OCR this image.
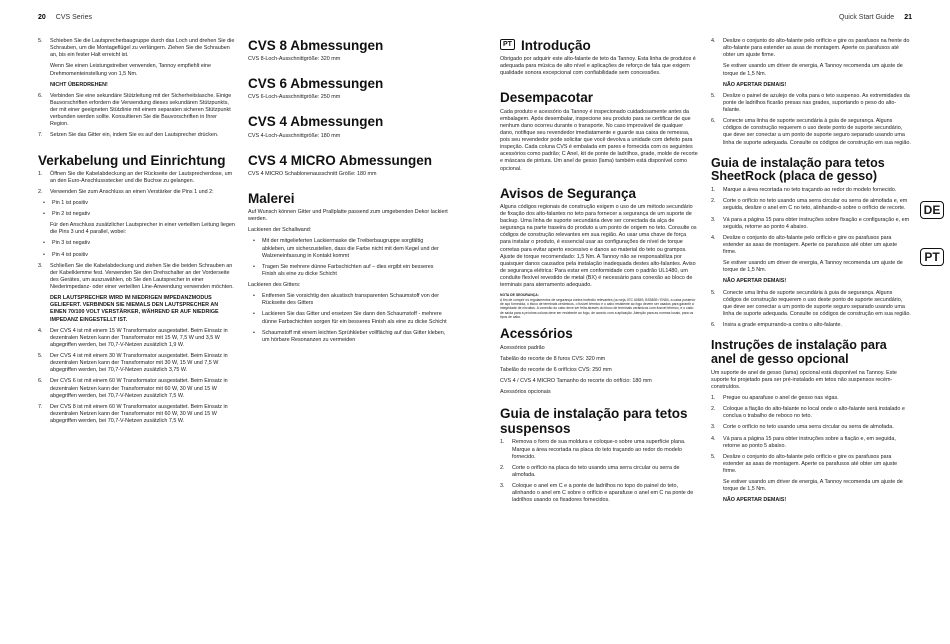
20 CVS Series	Quick Start Guide 21
DE
PT
5. Schieben Sie die Lautsprecherbaugruppe durch das Loch und drehen Sie die Schrauben, um die Montageflügel zu verlängern. Ziehen Sie die Schrauben an, bis ein fester Halt erreicht ist.

Wenn Sie einen Leistungstreiber verwenden, Tannoy empfiehlt eine Drehmomenteinstellung von 1,5 Nm.

NICHT ÜBERDREHEN!

6. Verbinden Sie eine sekundäre Stützleitung mit der Sicherheitslasche. Einige Bauvorschriften erfordern die Verwendung dieses sekundären Stützpunkts, der mit einer geeigneten Stützlinie mit einem separaten sicheren Stützpunkt verbunden werden sollte. Konsultieren Sie die Bauvorschriften in Ihrer Region.
7. Setzen Sie das Gitter ein, indem Sie es auf den Lautsprecher drücken.
Verkabelung und Einrichtung
1. Öffnen Sie die Kabelabdeckung an der Rückseite der Lautsprecherdose, um an den Euro-Anschlussstecker und die Buchse zu gelangen.
2. Verwenden Sie zum Anschluss an einen Verstärker die Pins 1 und 2:
• Pin 1 ist positiv
• Pin 2 ist negativ

Für den Anschluss zusätzlicher Lautsprecher in einer verteilten Leitung liegen die Pins 3 und 4 parallel, wobei:

• Pin 3 ist negativ
• Pin 4 ist positiv
3. Schließen Sie die Kabelabdeckung und ziehen Sie die beiden Schrauben an der Kabelklemme fest. Verwenden Sie den Drehschalter an der Vorderseite des Gerätes, um auszuwählen, ob Sie den Lautsprecher in einer Niederimpedanz- oder einer verteilten Line-Anwendung verwenden möchten.

DER LAUTSPRECHER WIRD IM NIEDRIGEN IMPEDANZMODUS GELIEFERT. VERBINDEN SIE NIEMALS DEN LAUTSPRECHER AN EINEN 70/100 VOLT VERSTÄRKER, WÄHREND ER AUF NIEDRIGE IMPEDANZ EINGESTELLT IST.

4. Der CVS 4 ist mit einem 15 W Transformator ausgestattet. Beim Einsatz in dezentralen Netzen kann der Transformator mit 15 W, 7,5 W und 3,5 W abgegriffen werden, bei 70,7-V-Netzen zusätzlich 1,9 W.
5. Der CVS 4 ist mit einem 30 W Transformator ausgestattet. Beim Einsatz in dezentralen Netzen kann der Transformator mit 30 W, 15 W und 7,5 W abgegriffen werden, bei 70,7-V-Netzen zusätzlich 3,75 W.
6. Der CVS 6 ist mit einem 60 W Transformator ausgestattet. Beim Einsatz in dezentralen Netzen kann der Transformator mit 60 W, 30 W und 15 W abgegriffen werden, bei 70,7-V-Netzen zusätzlich 7,5 W.
7. Der CVS 8 ist mit einem 60 W Transformator ausgestattet. Beim Einsatz in dezentralen Netzen kann der Transformator mit 60 W, 30 W und 15 W abgegriffen werden, bei 70,7-V-Netzen zusätzlich 7,5 W.
CVS 8 Abmessungen

CVS 8-Loch-Ausschnittgröße: 320 mm

CVS 6 Abmessungen

CVS 6-Loch-Ausschnittgröße: 250 mm

CVS 4 Abmessungen

CVS 4-Loch-Ausschnittgröße: 180 mm

CVS 4 MICRO Abmessungen

CVS 4 MICRO Schablonenausschnitt Größe: 180 mm

Malerei

Auf Wunsch können Gitter und Prallplatte passend zum umgebenden Dekor lackiert werden.

Lackieren der Schallwand:

• Mit der mitgelieferten Lackiermaske die Treiberbaugruppe sorgfältig abkleben, um sicherzustellen, dass die Farbe nicht mit dem Kegel und der Walzeneinfassung in Kontakt kommt
• Tragen Sie mehrere dünne Farbschichten auf – dies ergibt ein besseres Finish als eine zu dicke Schicht

Lackieren des Gitters:

• Entfernen Sie vorsichtig den akustisch transparenten Schaumstoff von der Rückseite des Gitters
• Lackieren Sie das Gitter und ersetzen Sie dann den Schaumstoff - mehrere dünne Farbschichten sorgen für ein besseres Finish als eine zu dicke Schicht
• Schaumstoff mit einem leichten Sprühkleber vollflächig auf das Gitter kleben, um hörbare Resonanzen zu vermeiden
PT Introdução

Obrigado por adquirir este alto-falante de teto da Tannoy. Esta linha de produtos é adequada para música de alto nível e aplicações de reforço de fala que exigem qualidade sonora excepcional com confiabilidade sem concessões.

Desempacotar

Cada produto e acessório da Tannoy é inspecionado cuidadosamente antes da embalagem. Após desembalar, inspecione seu produto para se certificar de que nenhum dano ocorreu durante o transporte. No caso improvável de qualquer dano, notifique seu revendedor imediatamente e guarde sua caixa de remessa, pois seu revendedor pode solicitar que você devolva a unidade com defeito para inspeção. Cada coluna CVS é embalada em pares e fornecida com os seguintes acessórios como padrão; C Anel, kit de ponte de ladrilhos, grade, molde de recorte e máscara de pintura. Um anel de gesso (lama) também está disponível como opcional.

Avisos de Segurança

Alguns códigos regionais de construção exigem o uso de um método secundário de fixação dos alto-falantes no teto para fornecer a segurança de um suporte de backup. Uma linha de suporte secundária deve ser conectada da alça de segurança na parte traseira do produto a um ponto de origem no teto. Consulte os códigos de construção relevantes em sua região. Ao usar uma chave de força para instalar o produto, é essencial usar as configurações de nível de torque corretas para evitar aperto excessivo e danos ao material do teto ou grampos. Ajuste de torque recomendado: 1,5 Nm. A Tannoy não se responsabiliza por quaisquer danos causados pela instalação inadequada destes alto-falantes. Aviso de segurança elétrica: Para estar em conformidade com o padrão UL1480, um conduíte flexível revestido de metal (BX) é necessário para conexão ao bloco de terminais para aterramento adequado.

NOTA DE SEGURANÇA:
A fim de cumprir os regulamentos de segurança contra incêndio relevantes (ou seja, IEC 60849, BS5839 / EN54, a caixa posterior de aço fornecida, o bloco de terminais cerâmicos, o fusível térmico e o cabo resistente ao fogo devem ser usados para garantir a integridade de circuitos. A conexão do cabo deve ser feita através do bloco de terminais cerâmicos com fusível térmico, e o cabo de saída para a próxima coluna deve ser resistente ao fogo, de acordo com a aplicação. Atenção para as normas locais, para os tipos de cabo.

Acessórios

Acessórios padrão

Tabelão do recorte de 8 furos CVS: 320 mm

Tabelão do recorte de 6 orifícios CVS: 250 mm

CVS 4 / CVS 4 MICRO Tamanho do recorte do orifício: 180 mm

Acessórios opcionais

Guia de instalação para tetos suspensos
1. Remova o forro de sua moldura e coloque-o sobre uma superfície plana. Marque a área recortada na placa do teto traçando ao redor do modelo fornecido.
2. Corte o orifício na placa do teto usando uma serra circular ou serra de almofada.
3. Coloque o anel em C e a ponte de ladrilhos no topo do painel do teto, alinhando o anel em C sobre o orifício e aparafuse o anel em C na ponte de ladrilhos usando os fixadores fornecidos.
4. Deslize o conjunto do alto-falante pelo orifício e gire os parafusos na frente do alto-falante para estender as asas de montagem. Aperte os parafusos até obter um ajuste firme.

Se estiver usando um driver de energia, A Tannoy recomenda um ajuste de torque de 1,5 Nm.

NÃO APERTAR DEMAIS!

5. Deslize o painel de azulejo de volta para o teto suspenso. As extremidades da ponte de ladrilhos ficarão presas nas grades, suportando o peso do alto-falante.
6. Conecte uma linha de suporte secundária à guia de segurança. Alguns códigos de construção requerem o uso deste ponto de suporte secundário, que deve ser conectar a um ponto de suporte seguro separado usando uma linha de suporte adequada. Consulte os códigos de construção em sua região.
Guia de instalação para tetos SheetRock (placa de gesso)
1. Marque a área recortada no teto traçando ao redor do modelo fornecido.
2. Corte o orifício no teto usando uma serra circular ou serra de almofada e, em seguida, deslize o anel em C no teto, alinhando-o sobre o orifício de recorte.
3. Vá para a página 15 para obter instruções sobre fixação e configuração e, em seguida, retorne ao ponto 4 abaixo.
4. Deslize o conjunto do alto-falante pelo orifício e gire os parafusos para estender as asas de montagem. Aperte os parafusos até obter um ajuste firme.

Se estiver usando um driver de energia, A Tannoy recomenda um ajuste de torque de 1,5 Nm.

NÃO APERTAR DEMAIS!

5. Conecte uma linha de suporte secundária à guia de segurança. Alguns códigos de construção requerem o uso deste ponto de suporte secundário, que deve ser conectar a um ponto de suporte seguro separado usando uma linha de suporte adequada. Consulte os códigos de construção em sua região.
6. Insira a grade empurrando-a contra o alto-falante.
Instruções de instalação para anel de gesso opcional

Um suporte de anel de gesso (lama) opcional está disponível na Tannoy. Este suporte foi projetado para ser pré-instalado em tetos não suspensos recém-construídos.

1. Pregue ou aparafuse o anel de gesso nas vigas.
2. Coloque a fiação do alto-falante no local onde o alto-falante será instalado e conclua o trabalho de reboco no teto.
3. Corte o orifício no teto usando uma serra circular ou serra de almofada.
4. Vá para a página 15 para obter instruções sobre a fiação e, em seguida, retorne ao ponto 5 abaixo.
5. Deslize o conjunto do alto-falante pelo orifício e gire os parafusos para estender as asas de montagem. Aperte os parafusos até obter um ajuste firme.

Se estiver usando um driver de energia, A Tannoy recomenda um ajuste de torque de 1,5 Nm.

NÃO APERTAR DEMAIS!
